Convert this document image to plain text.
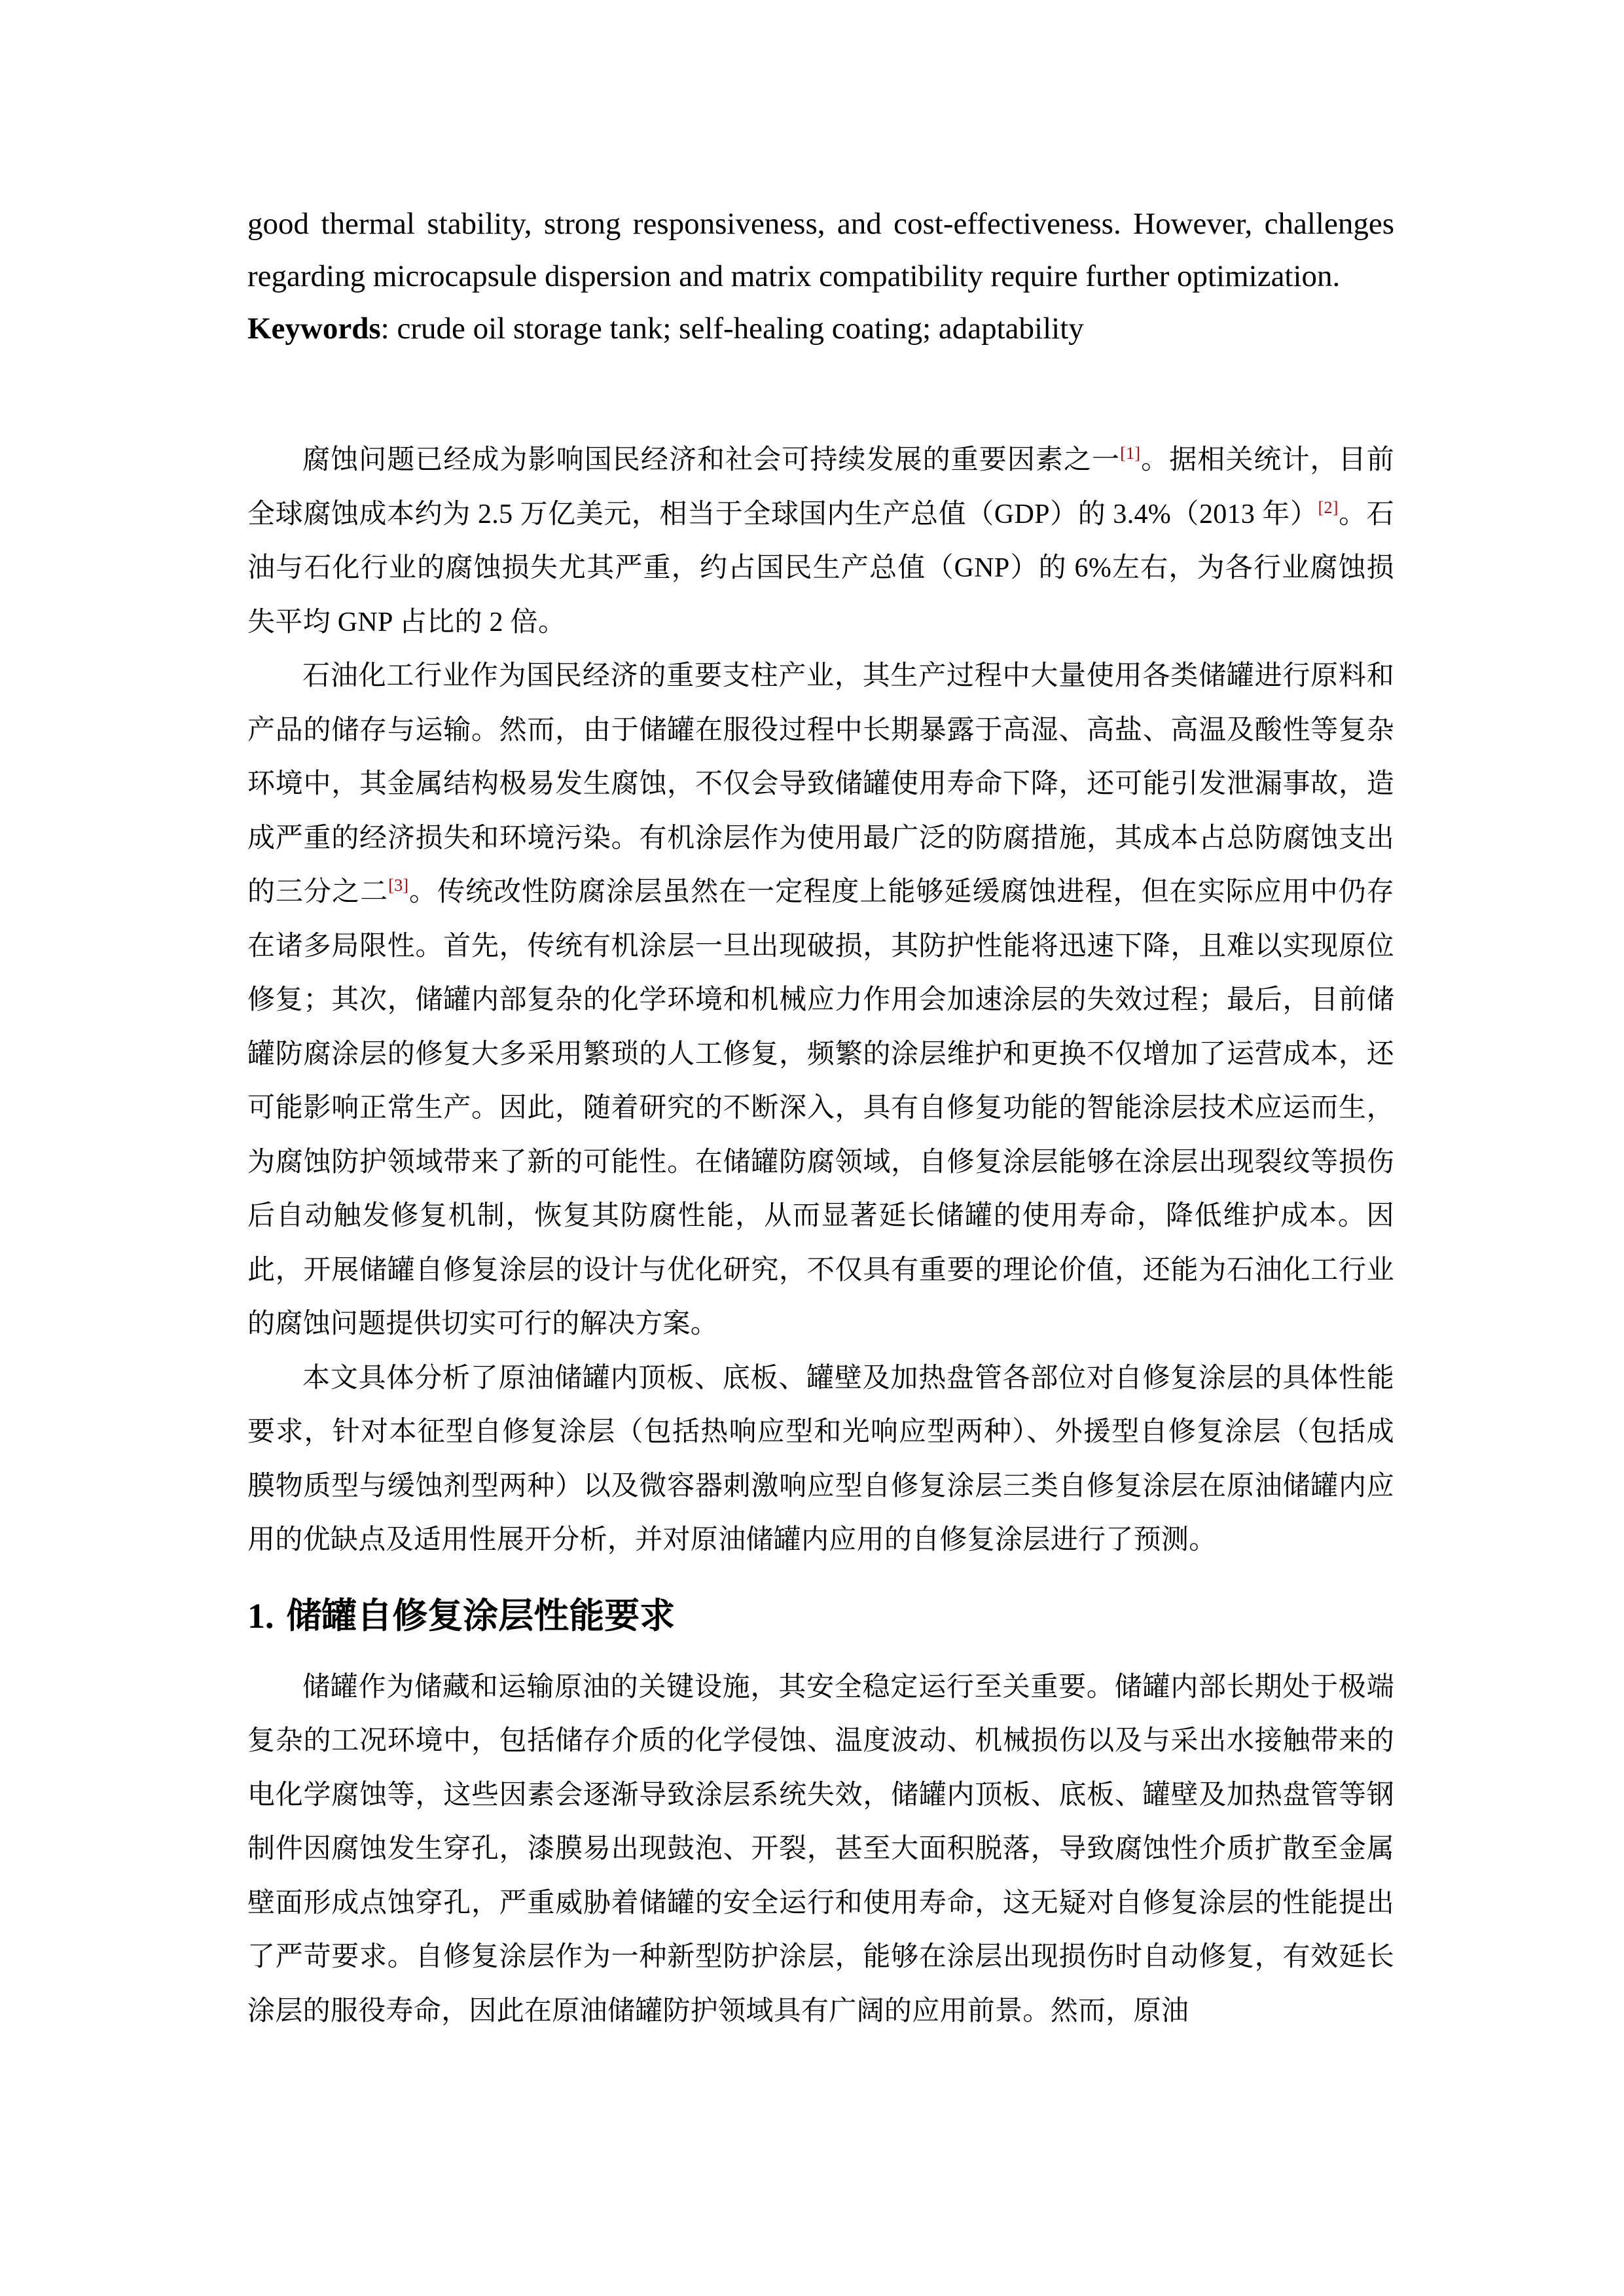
good thermal stability, strong responsiveness, and cost-effectiveness. However, challenges regarding microcapsule dispersion and matrix compatibility require further optimization.

Keywords: crude oil storage tank; self-healing coating; adaptability

腐蚀问题已经成为影响国民经济和社会可持续发展的重要因素之一[1]。据相关统计，目前全球腐蚀成本约为 2.5 万亿美元，相当于全球国内生产总值（GDP）的 3.4%（2013 年）[2]。石油与石化行业的腐蚀损失尤其严重，约占国民生产总值（GNP）的 6%左右，为各行业腐蚀损失平均 GNP 占比的 2 倍。

石油化工行业作为国民经济的重要支柱产业，其生产过程中大量使用各类储罐进行原料和产品的储存与运输。然而，由于储罐在服役过程中长期暴露于高湿、高盐、高温及酸性等复杂环境中，其金属结构极易发生腐蚀，不仅会导致储罐使用寿命下降，还可能引发泄漏事故，造成严重的经济损失和环境污染。有机涂层作为使用最广泛的防腐措施，其成本占总防腐蚀支出的三分之二[3]。传统改性防腐涂层虽然在一定程度上能够延缓腐蚀进程，但在实际应用中仍存在诸多局限性。首先，传统有机涂层一旦出现破损，其防护性能将迅速下降，且难以实现原位修复；其次，储罐内部复杂的化学环境和机械应力作用会加速涂层的失效过程；最后，目前储罐防腐涂层的修复大多采用繁琐的人工修复，频繁的涂层维护和更换不仅增加了运营成本，还可能影响正常生产。因此，随着研究的不断深入，具有自修复功能的智能涂层技术应运而生，为腐蚀防护领域带来了新的可能性。在储罐防腐领域，自修复涂层能够在涂层出现裂纹等损伤后自动触发修复机制，恢复其防腐性能，从而显著延长储罐的使用寿命，降低维护成本。因此，开展储罐自修复涂层的设计与优化研究，不仅具有重要的理论价值，还能为石油化工行业的腐蚀问题提供切实可行的解决方案。

本文具体分析了原油储罐内顶板、底板、罐壁及加热盘管各部位对自修复涂层的具体性能要求，针对本征型自修复涂层（包括热响应型和光响应型两种）、外援型自修复涂层（包括成膜物质型与缓蚀剂型两种）以及微容器刺激响应型自修复涂层三类自修复涂层在原油储罐内应用的优缺点及适用性展开分析，并对原油储罐内应用的自修复涂层进行了预测。

1. 储罐自修复涂层性能要求

储罐作为储藏和运输原油的关键设施，其安全稳定运行至关重要。储罐内部长期处于极端复杂的工况环境中，包括储存介质的化学侵蚀、温度波动、机械损伤以及与采出水接触带来的电化学腐蚀等，这些因素会逐渐导致涂层系统失效，储罐内顶板、底板、罐壁及加热盘管等钢制件因腐蚀发生穿孔，漆膜易出现鼓泡、开裂，甚至大面积脱落，导致腐蚀性介质扩散至金属壁面形成点蚀穿孔，严重威胁着储罐的安全运行和使用寿命，这无疑对自修复涂层的性能提出了严苛要求。自修复涂层作为一种新型防护涂层，能够在涂层出现损伤时自动修复，有效延长涂层的服役寿命，因此在原油储罐防护领域具有广阔的应用前景。然而，原油
